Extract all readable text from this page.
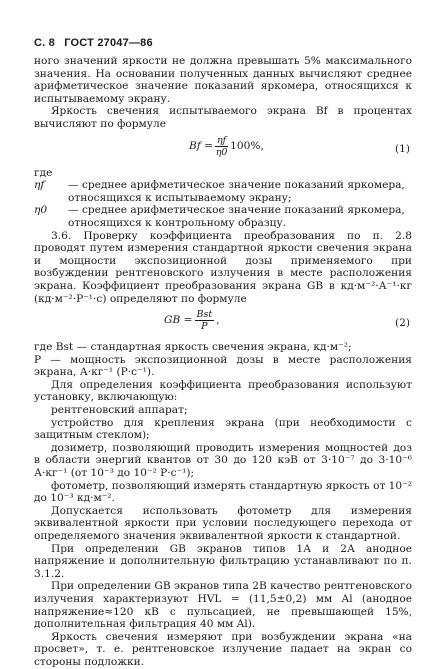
С. 8 ГОСТ 27047—86

ного значений яркости не должна превышать 5% максимального значения. На основании полученных данных вычисляют среднее арифметическое значение показаний яркомера, относящихся к испытываемому экрану.

Яркость свечения испытываемого экрана Bf в процентах вычисляют по формуле

$Bf = \frac{\eta f}{\eta 0} 100\%$,	(1)

где

ηf	— среднее арифметическое значение показаний яркомера, относящихся к испытываемому экрану;
η0	— среднее арифметическое значение показаний яркомера, относящихся к контрольному образцу.

3.6. Проверку коэффициента преобразования по п. 2.8 проводят путем измерения стандартной яркости свечения экрана и мощности экспозиционной дозы применяемого при возбуждении рентгеновского излучения в месте расположения экрана. Коэффициент преобразования экрана GB в кд·м⁻²·А⁻¹·кг (кд·м⁻²·Р⁻¹·с) определяют по формуле

GB = $\frac{\text{Bst}}{P}$ ,	(2)

где Bst — стандартная яркость свечения экрана, кд·м⁻²;

P — мощность экспозиционной дозы в месте расположения экрана, А·кг⁻¹ (Р·с⁻¹).

Для определения коэффициента преобразования используют установку, включающую:

рентгеновский аппарат;

устройство для крепления экрана (при необходимости с защитным стеклом);

дозиметр, позволяющий проводить измерения мощностей доз в области энергий квантов от 30 до 120 кэВ от 3·10⁻⁷ до 3·10⁻⁶ А·кг⁻¹ (от 10⁻³ до 10⁻² Р·с⁻¹);

фотометр, позволяющий измерять стандартную яркость от 10⁻² до 10⁻³ кд·м⁻².

Допускается использовать фотометр для измерения эквивалентной яркости при условии последующего перехода от определяемого значения эквивалентной яркости к стандартной.

При определении GB экранов типов 1А и 2А анодное напряжение и дополнительную фильтрацию устанавливают по п. 3.1.2.

При определении GB экранов типа 2В качество рентгеновского излучения характеризуют HVL = (11,5±0,2) мм Al (анодное напряжение≈120 кВ с пульсацией, не превышающей 15%, дополнительная фильтрация 40 мм Al).

Яркость свечения измеряют при возбуждении экрана «на просвет», т. е. рентгеновское излучение падает на экран со стороны подложки.
